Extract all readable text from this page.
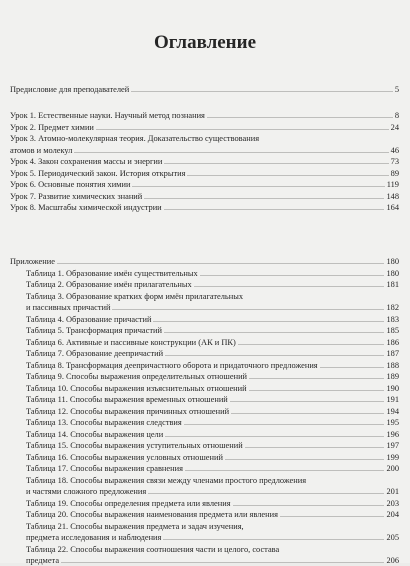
Оглавление
Предисловие для преподавателей	5
Урок 1. Естественные науки. Научный метод познания	8
Урок 2. Предмет химии	24
Урок 3. Атомно-молекулярная теория. Доказательство существования
атомов и молекул	46
Урок 4. Закон сохранения массы и энергии	73
Урок 5. Периодический закон. История открытия	89
Урок 6. Основные понятия химии	119
Урок 7. Развитие химических знаний	148
Урок 8. Масштабы химической индустрии	164
Приложение	180
Таблица 1. Образование имён существительных	180
Таблица 2. Образование имён прилагательных	181
Таблица 3. Образование кратких форм имён прилагательных
и пассивных причастий	182
Таблица 4. Образование причастий	183
Таблица 5. Трансформация причастий	185
Таблица 6. Активные и пассивные конструкции (АК и ПК)	186
Таблица 7. Образование деепричастий	187
Таблица 8. Трансформация деепричастного оборота и придаточного предложения	188
Таблица 9. Способы выражения определительных отношений	189
Таблица 10. Способы выражения изъяснительных отношений	190
Таблица 11. Способы выражения временных отношений	191
Таблица 12. Способы выражения причинных отношений	194
Таблица 13. Способы выражения следствия	195
Таблица 14. Способы выражения цели	196
Таблица 15. Способы выражения уступительных отношений	197
Таблица 16. Способы выражения условных отношений	199
Таблица 17. Способы выражения сравнения	200
Таблица 18. Способы выражения связи между членами простого предложения
и частями сложного предложения	201
Таблица 19. Способы определения предмета или явления	203
Таблица 20. Способы выражения наименования предмета или явления	204
Таблица 21. Способы выражения предмета и задач изучения,
предмета исследования и наблюдения	205
Таблица 22. Способы выражения соотношения части и целого, состава
предмета	206
